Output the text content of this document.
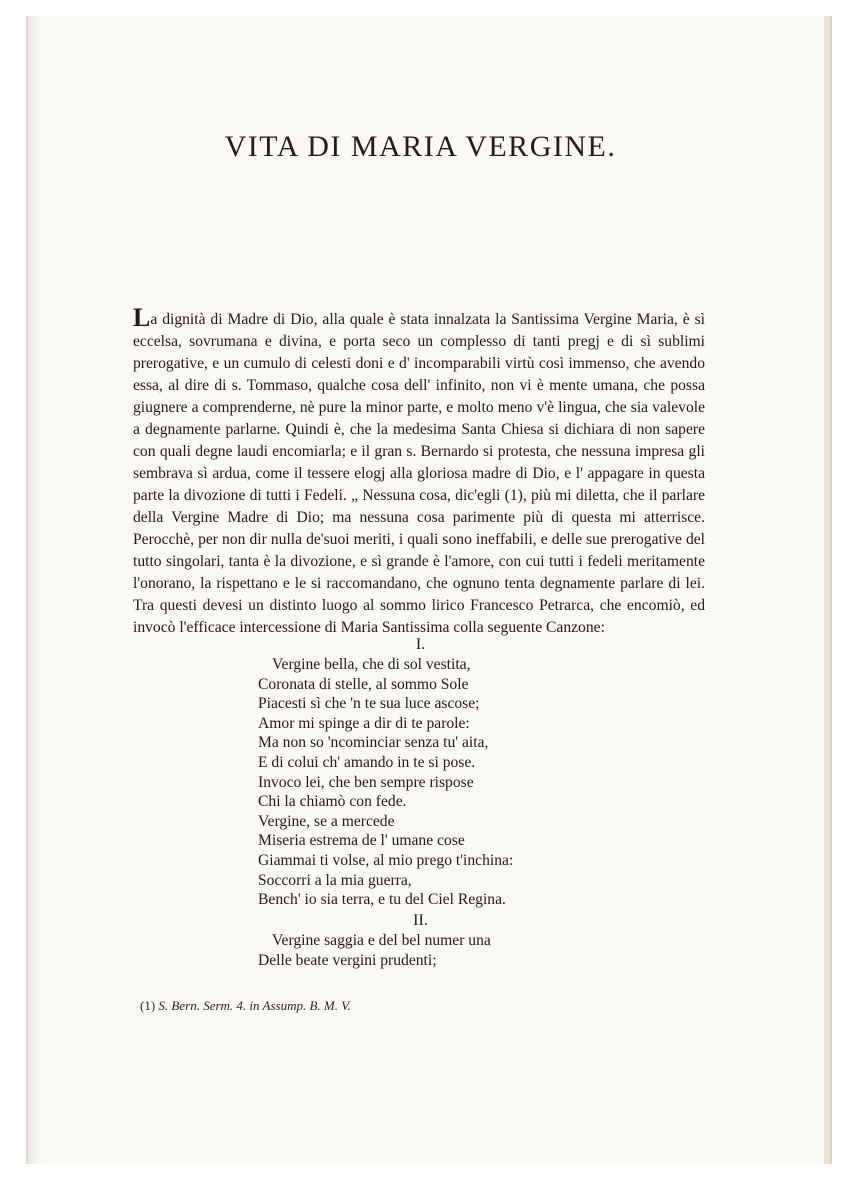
VITA DI MARIA VERGINE.
La dignità di Madre di Dio, alla quale è stata innalzata la Santissima Vergine Maria, è sì eccelsa, sovrumana e divina, e porta seco un complesso di tanti pregj e di sì sublimi prerogative, e un cumulo di celesti doni e d' incomparabili virtù così immenso, che avendo essa, al dire di s. Tommaso, qualche cosa dell' infinito, non vi è mente umana, che possa giugnere a comprenderne, nè pure la minor parte, e molto meno v'è lingua, che sia valevole a degnamente parlarne. Quindi è, che la medesima Santa Chiesa si dichiara di non sapere con quali degne laudi encomiarla; e il gran s. Bernardo si protesta, che nessuna impresa gli sembrava sì ardua, come il tessere elogj alla gloriosa madre di Dio, e l' appagare in questa parte la divozione di tutti i Fedeli. „ Nessuna cosa, dic'egli (1), più mi diletta, che il parlare della Vergine Madre di Dio; ma nessuna cosa parimente più di questa mi atterrisce. Perocchè, per non dir nulla de'suoi meriti, i quali sono ineffabili, e delle sue prerogative del tutto singolari, tanta è la divozione, e sì grande è l'amore, con cui tutti i fedeli meritamente l'onorano, la rispettano e le si raccomandano, che ognuno tenta degnamente parlare di lei. Tra questi devesi un distinto luogo al sommo lirico Francesco Petrarca, che encomiò, ed invocò l'efficace intercessione di Maria Santissima colla seguente Canzone:
I.
Vergine bella, che di sol vestita,
Coronata di stelle, al sommo Sole
Piacesti sì che 'n te sua luce ascose;
Amor mi spinge a dir di te parole:
Ma non so 'ncominciar senza tu' aita,
E di colui ch' amando in te si pose.
Invoco lei, che ben sempre rispose
Chi la chiamò con fede.
Vergine, se a mercede
Miseria estrema de l' umane cose
Giammai ti volse, al mio prego t'inchina:
Soccorri a la mia guerra,
Bench' io sia terra, e tu del Ciel Regina.
II.
Vergine saggia e del bel numer una
Delle beate vergini prudenti;
(1) S. Bern. Serm. 4. in Assump. B. M. V.
